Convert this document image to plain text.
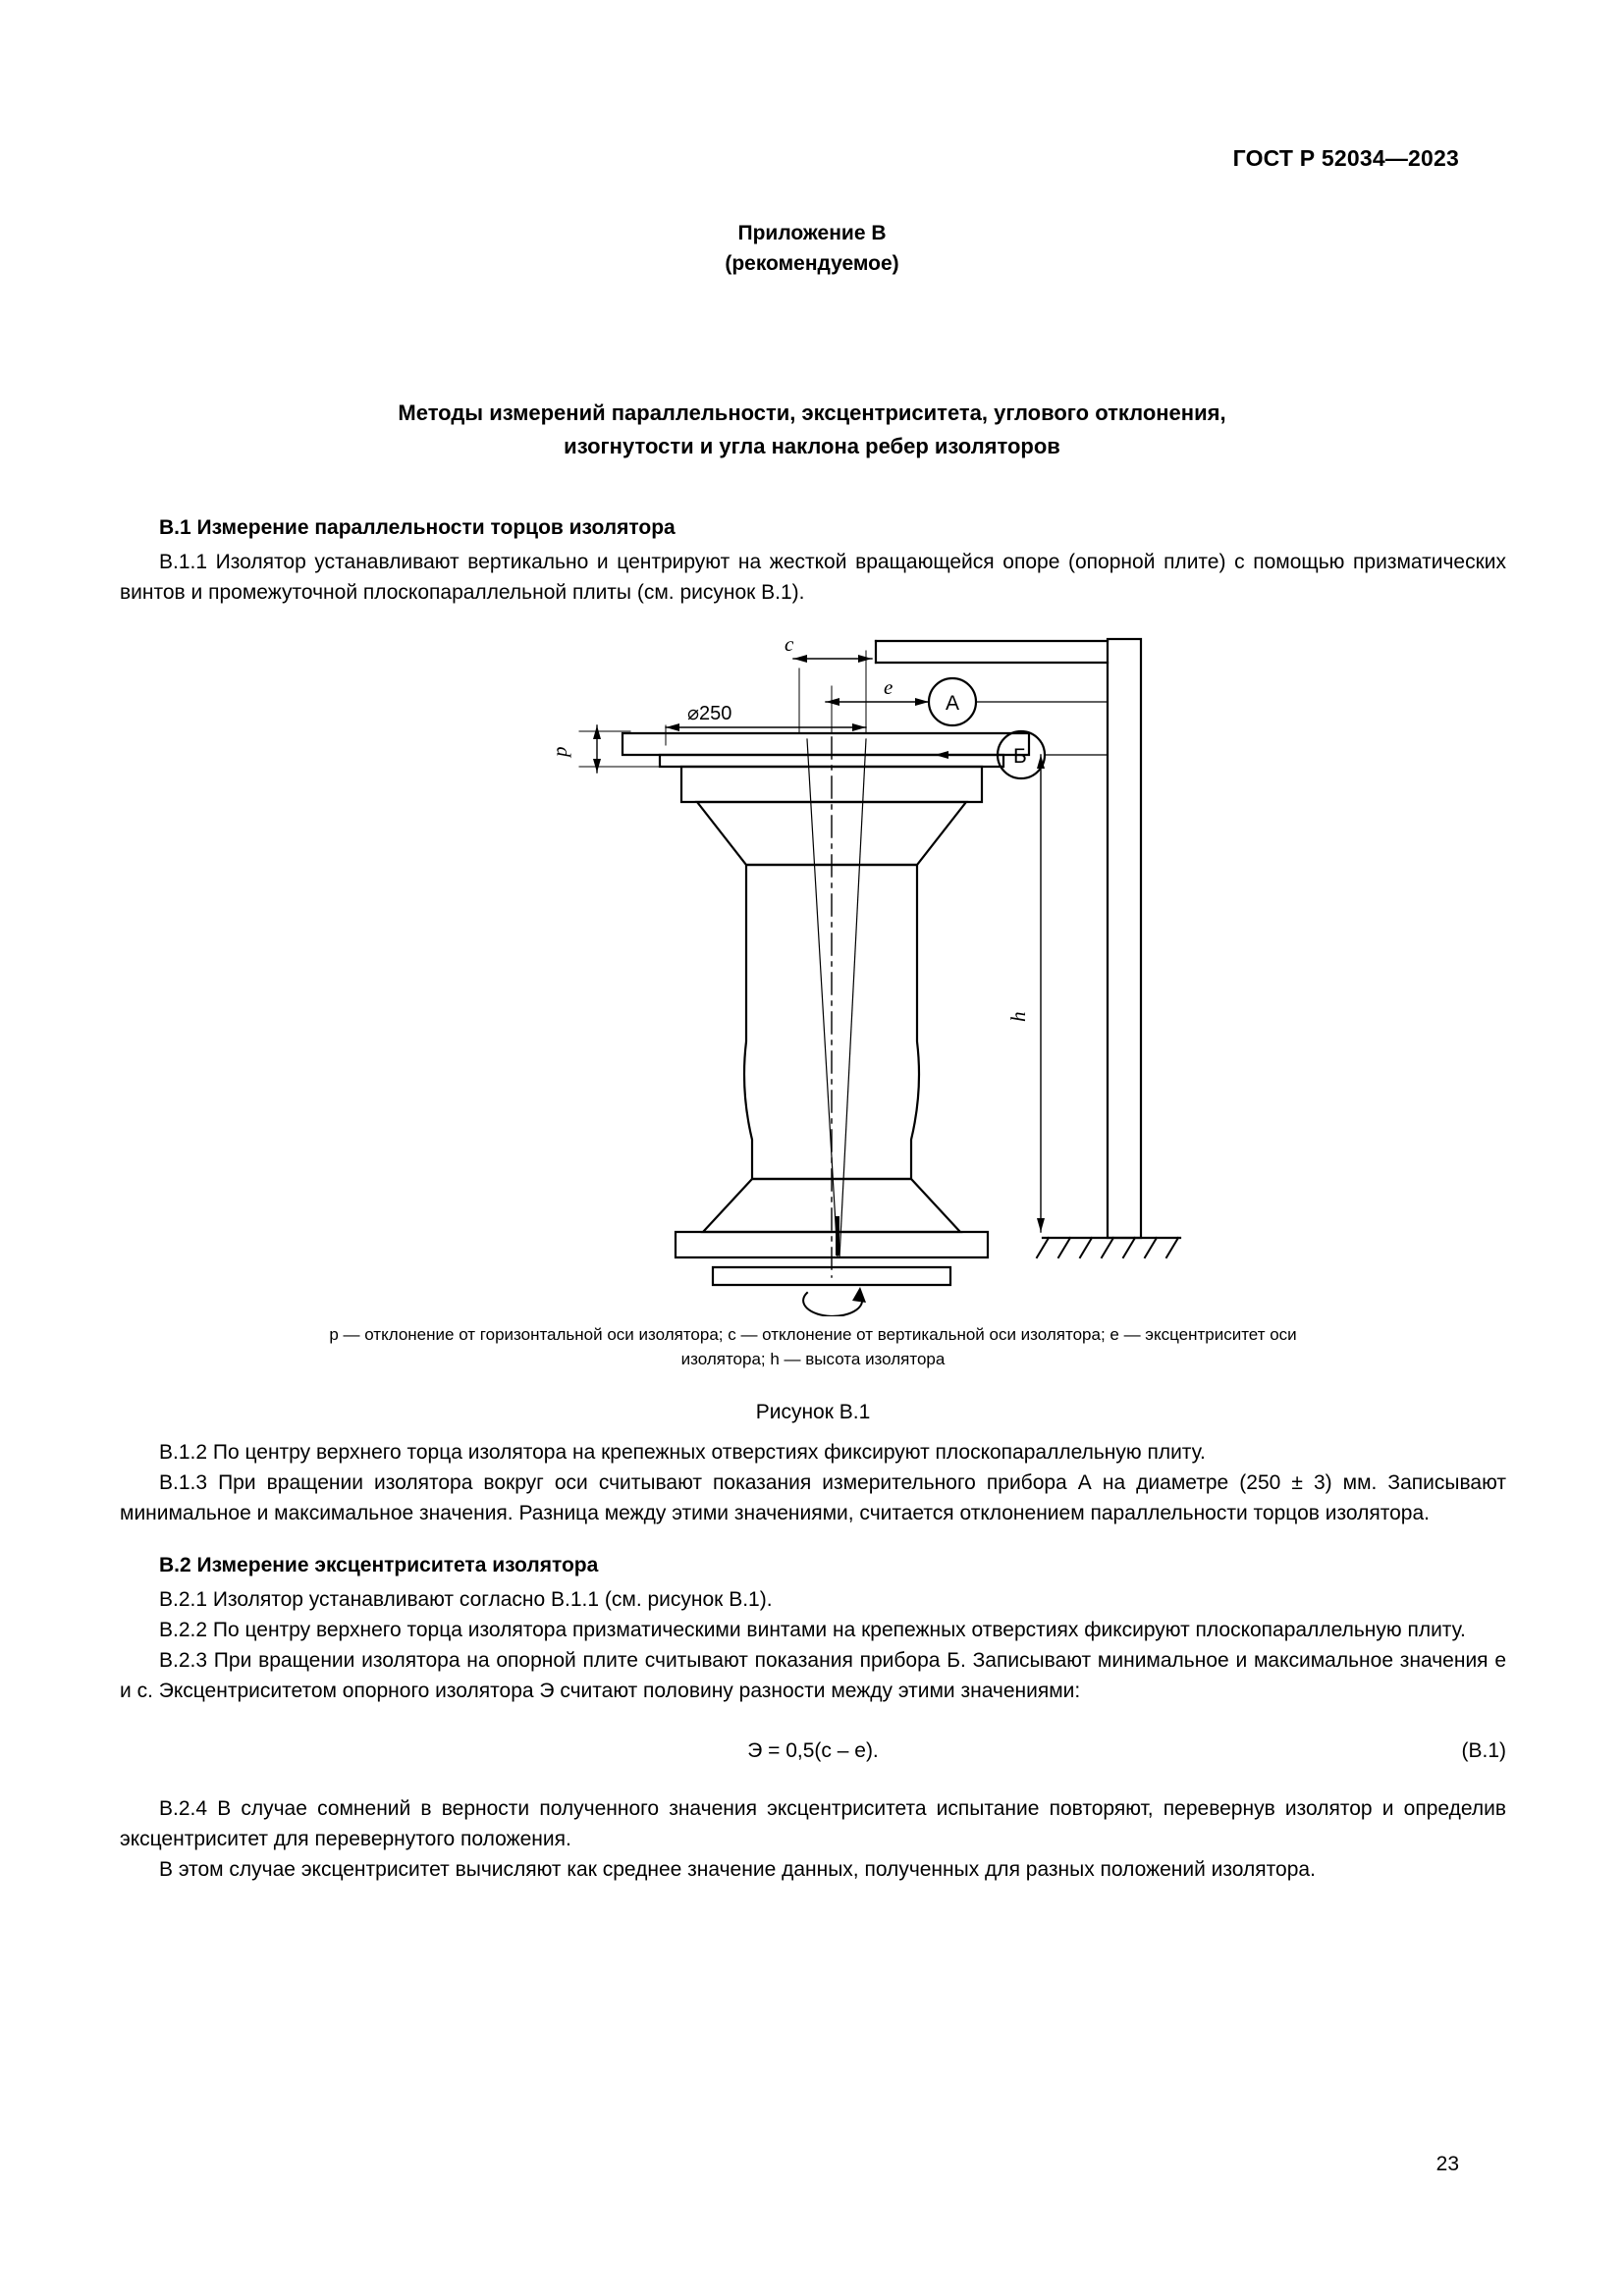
ГОСТ Р 52034—2023
Приложение В
(рекомендуемое)
Методы измерений параллельности, эксцентриситета, углового отклонения,
изогнутости и угла наклона ребер изоляторов
В.1 Измерение параллельности торцов изолятора

В.1.1 Изолятор устанавливают вертикально и центрируют на жесткой вращающейся опоре (опорной плите) с помощью призматических винтов и промежуточной плоскопараллельной плиты (см. рисунок В.1).

c
e
p
h
⌀250	A
Б
p — отклонение от горизонтальной оси изолятора; c — отклонение от вертикальной оси изолятора; e — эксцентриситет оси
изолятора; h — высота изолятора
Рисунок В.1

В.1.2 По центру верхнего торца изолятора на крепежных отверстиях фиксируют плоскопараллельную плиту.

В.1.3 При вращении изолятора вокруг оси считывают показания измерительного прибора А на диаметре (250 ± 3) мм. Записывают минимальное и максимальное значения. Разница между этими значениями, считается отклонением параллельности торцов изолятора.

В.2 Измерение эксцентриситета изолятора

В.2.1 Изолятор устанавливают согласно В.1.1 (см. рисунок В.1).

В.2.2 По центру верхнего торца изолятора призматическими винтами на крепежных отверстиях фиксируют плоскопараллельную плиту.

В.2.3 При вращении изолятора на опорной плите считывают показания прибора Б. Записывают минимальное и максимальное значения e и c. Эксцентриситетом опорного изолятора Э считают половину разности между этими значениями:

Э = 0,5(c – e).	(В.1)

В.2.4 В случае сомнений в верности полученного значения эксцентриситета испытание повторяют, перевернув изолятор и определив эксцентриситет для перевернутого положения.

В этом случае эксцентриситет вычисляют как среднее значение данных, полученных для разных положений изолятора.

23
